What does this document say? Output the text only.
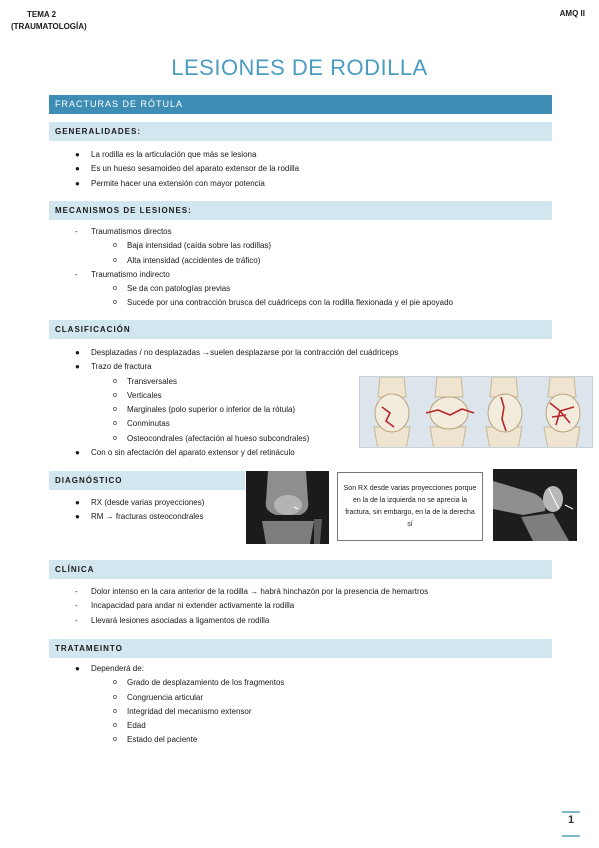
TEMA 2
(TRAUMATOLOGÍA)
AMQ II
LESIONES DE RODILLA
FRACTURAS DE RÓTULA
GENERALIDADES:
● La rodilla es la articulación que más se lesiona
● Es un hueso sesamoideo del aparato extensor de la rodilla
● Permite hacer una extensión con mayor potencia
MECANISMOS DE LESIONES:
- Traumatismos directos
o Baja intensidad (caída sobre las rodillas)
o Alta intensidad (accidentes de tráfico)
- Traumatismo indirecto
o Se da con patologías previas
o Sucede por una contracción brusca del cuádriceps con la rodilla flexionada y el pie apoyado
CLASIFICACIÓN
● Desplazadas / no desplazadas →suelen desplazarse por la contracción del cuádriceps
● Trazo de fractura
o Transversales
o Verticales
o Marginales (polo superior o inferior de la rótula)
o Conminutas
o Osteocondrales (afectación al hueso subcondrales)
● Con o sin afectación del aparato extensor y del retináculo
DIAGNÓSTICO
● RX (desde varias proyecciones)
● RM → fracturas osteocondrales
Son RX desde varias proyecciones porque en la de la izquierda no se aprecia la fractura, sin embargo, en la de la derecha sí
CLÍNICA
- Dolor intenso en la cara anterior de la rodilla → habrá hinchazón por la presencia de hemartros
- Incapacidad para andar ni extender activamente la rodilla
- Llevará lesiones asociadas a ligamentos de rodilla
TRATAMEINTO
● Dependerá de:
o Grado de desplazamiento de los fragmentos
o Congruencia articular
o Integridad del mecanismo extensor
o Edad
o Estado del paciente
1
